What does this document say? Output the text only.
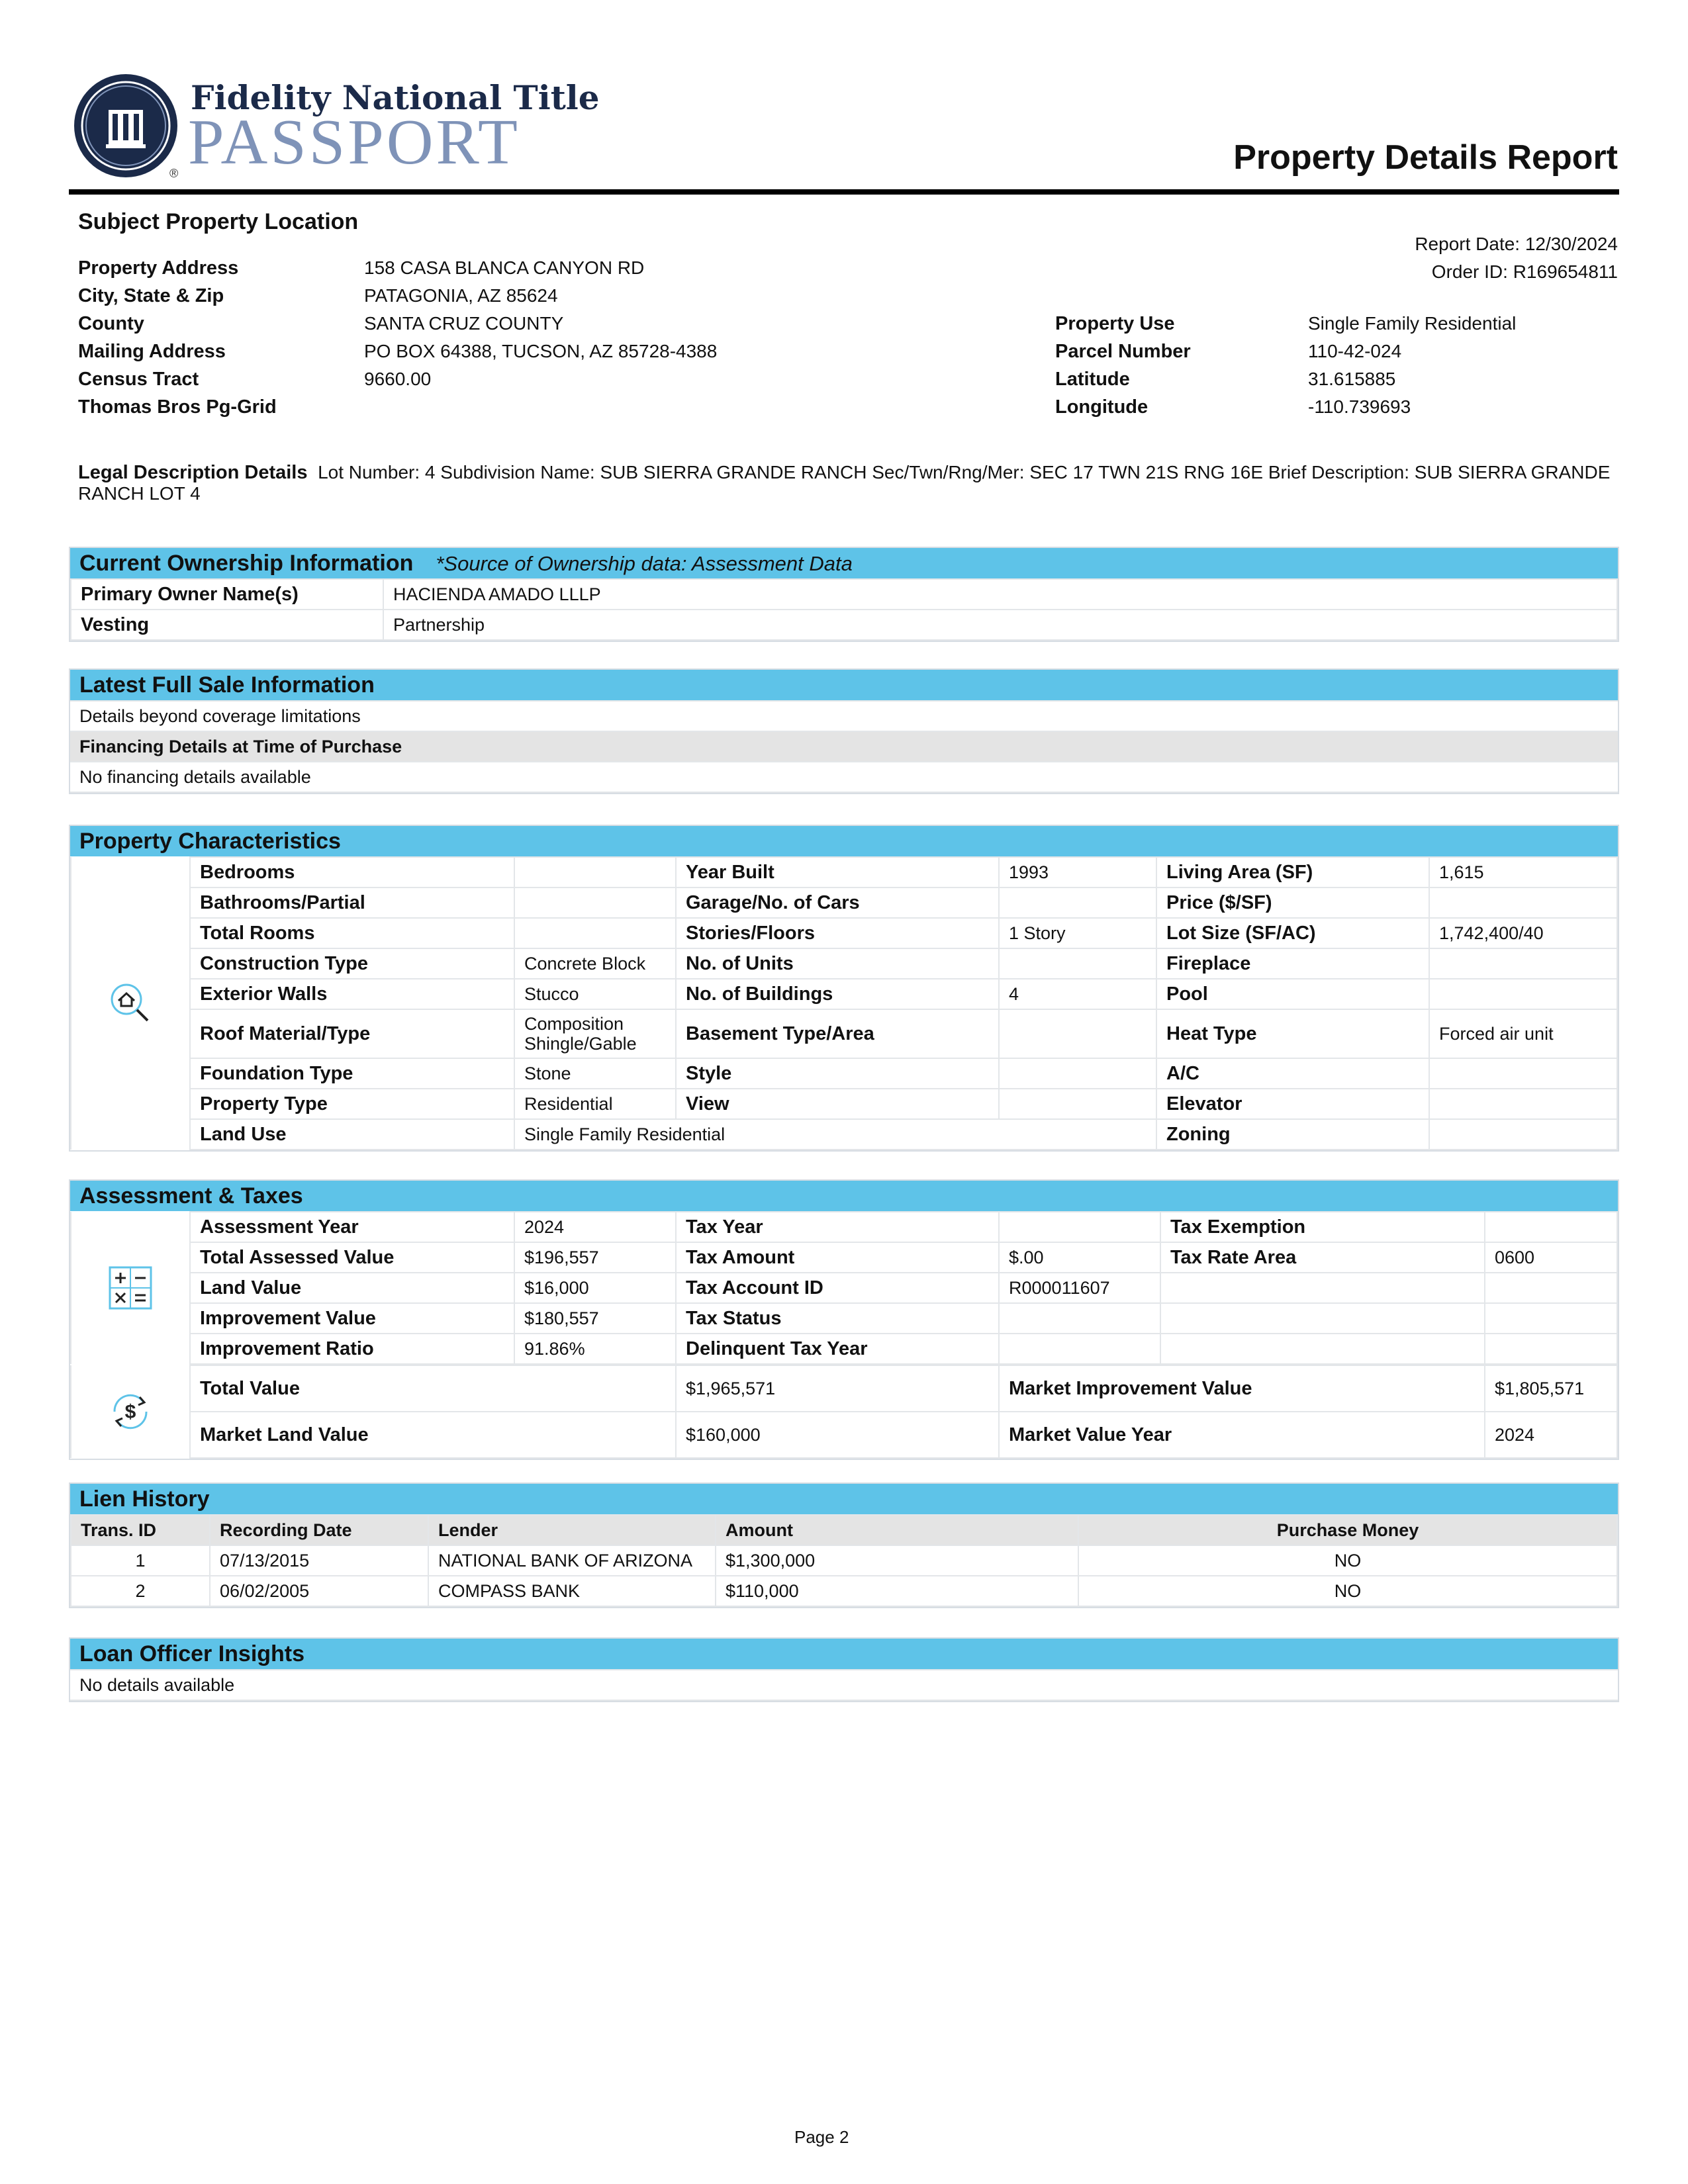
Fidelity National Title
PASSPORT
®	Property Details Report
Subject Property Location
Report Date: 12/30/2024
Order ID: R169654811
Property Address	158 CASA BLANCA CANYON RD
City, State & Zip	PATAGONIA, AZ 85624
County	SANTA CRUZ COUNTY
Mailing Address	PO BOX 64388, TUCSON, AZ 85728-4388
Census Tract	9660.00
Thomas Bros Pg-Grid
Property Use	Single Family Residential
Parcel Number	110-42-024
Latitude	31.615885
Longitude	-110.739693
Legal Description Details Lot Number: 4 Subdivision Name: SUB SIERRA GRANDE RANCH Sec/Twn/Rng/Mer: SEC 17 TWN 21S RNG 16E Brief Description: SUB SIERRA GRANDE RANCH LOT 4
Current Ownership Information *Source of Ownership data: Assessment Data
Primary Owner Name(s)	HACIENDA AMADO LLLP
Vesting	Partnership
Latest Full Sale Information
Details beyond coverage limitations
Financing Details at Time of Purchase
No financing details available
Property Characteristics
	Bedrooms		Year Built	1993	Living Area (SF)	1,615
	Bathrooms/Partial		Garage/No. of Cars		Price ($/SF)	
	Total Rooms		Stories/Floors	1 Story	Lot Size (SF/AC)	1,742,400/40
	Construction Type	Concrete Block	No. of Units		Fireplace	
	Exterior Walls	Stucco	No. of Buildings	4	Pool	
	Roof Material/Type	Composition Shingle/Gable	Basement Type/Area		Heat Type	Forced air unit
	Foundation Type	Stone	Style		A/C	
	Property Type	Residential	View		Elevator	
	Land Use	Single Family Residential			Zoning	
Assessment & Taxes
	Assessment Year	2024	Tax Year		Tax Exemption	
	Total Assessed Value	$196,557	Tax Amount	$.00	Tax Rate Area	0600
	Land Value	$16,000	Tax Account ID	R000011607		
	Improvement Value	$180,557	Tax Status			
	Improvement Ratio	91.86%	Delinquent Tax Year			
$	Total Value	$1,965,571	Market Improvement Value	$1,805,571
	Market Land Value	$160,000	Market Value Year	2024
Lien History
Trans. ID	Recording Date	Lender	Amount	Purchase Money
1	07/13/2015	NATIONAL BANK OF ARIZONA	$1,300,000	NO
2	06/02/2005	COMPASS BANK	$110,000	NO
Loan Officer Insights
No details available
Page 2
